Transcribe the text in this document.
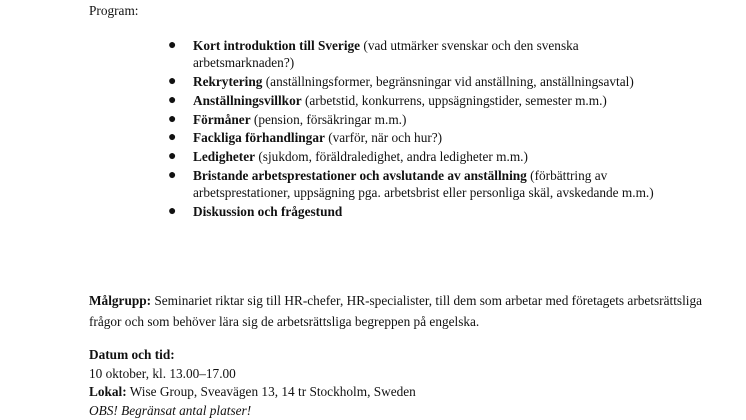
Program:
● Kort introduktion till Sverige (vad utmärker svenskar och den svenska arbetsmarknaden?)
● Rekrytering (anställningsformer, begränsningar vid anställning, anställningsavtal)
● Anställningsvillkor (arbetstid, konkurrens, uppsägningstider, semester m.m.)
● Förmåner (pension, försäkringar m.m.)
● Fackliga förhandlingar (varför, när och hur?)
● Ledigheter (sjukdom, föräldraledighet, andra ledigheter m.m.)
● Bristande arbetsprestationer och avslutande av anställning (förbättring av arbetsprestationer, uppsägning pga. arbetsbrist eller personliga skäl, avskedande m.m.)
● Diskussion och frågestund
Målgrupp: Seminariet riktar sig till HR-chefer, HR-specialister, till dem som arbetar med företagets arbetsrättsliga frågor och som behöver lära sig de arbetsrättsliga begreppen på engelska.
Datum och tid:
10 oktober, kl. 13.00–17.00
Lokal: Wise Group, Sveavägen 13, 14 tr Stockholm, Sweden
OBS! Begränsat antal platser!
